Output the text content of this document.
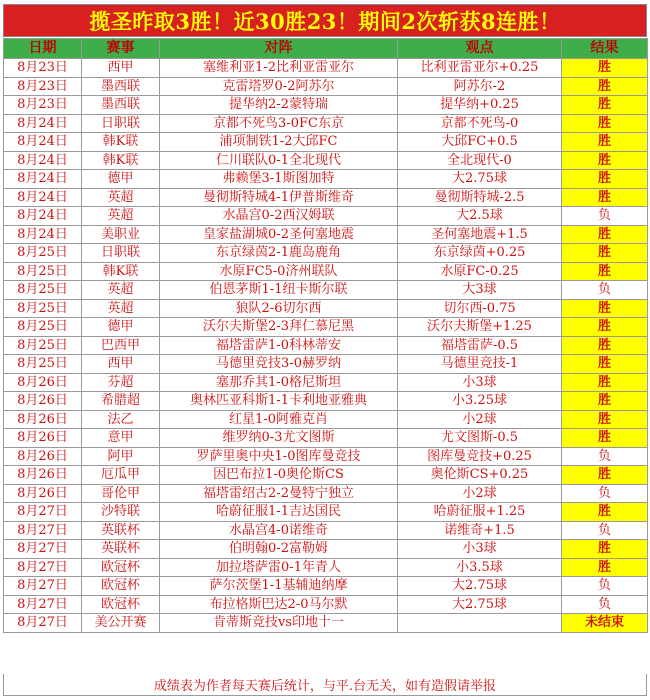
揽圣昨取3胜！近30胜23！期间2次斩获8连胜！
日期	赛事	对阵	观点	结果
8月23日	西甲	塞维利亚1-2比利亚雷亚尔	比利亚雷亚尔+0.25	胜
8月23日	墨西联	克雷塔罗0-2阿苏尔	阿苏尔-2	胜
8月23日	墨西联	提华纳2-2蒙特瑞	提华纳+0.25	胜
8月24日	日职联	京都不死鸟3-0FC东京	京都不死鸟-0	胜
8月24日	韩K联	浦项制铁1-2大邱FC	大邱FC+0.5	胜
8月24日	韩K联	仁川联队0-1全北现代	全北现代-0	胜
8月24日	德甲	弗赖堡3-1斯图加特	大2.75球	胜
8月24日	英超	曼彻斯特城4-1伊普斯维奇	曼彻斯特城-2.5	胜
8月24日	英超	水晶宫0-2西汉姆联	大2.5球	负
8月24日	美职业	皇家盐湖城0-2圣何塞地震	圣何塞地震+1.5	胜
8月25日	日职联	东京绿茵2-1鹿岛鹿角	东京绿茵+0.25	胜
8月25日	韩K联	水原FC5-0济州联队	水原FC-0.25	胜
8月25日	英超	伯恩茅斯1-1纽卡斯尔联	大3球	负
8月25日	英超	狼队2-6切尔西	切尔西-0.75	胜
8月25日	德甲	沃尔夫斯堡2-3拜仁慕尼黑	沃尔夫斯堡+1.25	胜
8月25日	巴西甲	福塔雷萨1-0科林蒂安	福塔雷萨-0.5	胜
8月25日	西甲	马德里竞技3-0赫罗纳	马德里竞技-1	胜
8月26日	芬超	塞那乔其1-0格尼斯坦	小3球	胜
8月26日	希腊超	奥林匹亚科斯1-1卡利地亚雅典	小3.25球	胜
8月26日	法乙	红星1-0阿雅克肖	小2球	胜
8月26日	意甲	维罗纳0-3尤文图斯	尤文图斯-0.5	胜
8月26日	阿甲	罗萨里奥中央1-0图库曼竞技	图库曼竞技+0.25	负
8月26日	厄瓜甲	因巴布拉1-0奥伦斯CS	奥伦斯CS+0.25	胜
8月26日	哥伦甲	福塔雷绍古2-2曼特宁独立	小2球	负
8月27日	沙特联	哈蔚征服1-1吉达国民	哈蔚征服+1.25	胜
8月27日	英联杯	水晶宫4-0诺维奇	诺维奇+1.5	负
8月27日	英联杯	伯明翰0-2富勒姆	小3球	胜
8月27日	欧冠杯	加拉塔萨雷0-1年青人	小3.5球	胜
8月27日	欧冠杯	萨尔茨堡1-1基辅迪纳摩	大2.75球	负
8月27日	欧冠杯	布拉格斯巴达2-0马尔默	大2.75球	负
8月27日	美公开赛	肯蒂斯竞技vs印地十一		未结束
成绩表为作者每天赛后统计，与平.台无关，如有造假请举报
